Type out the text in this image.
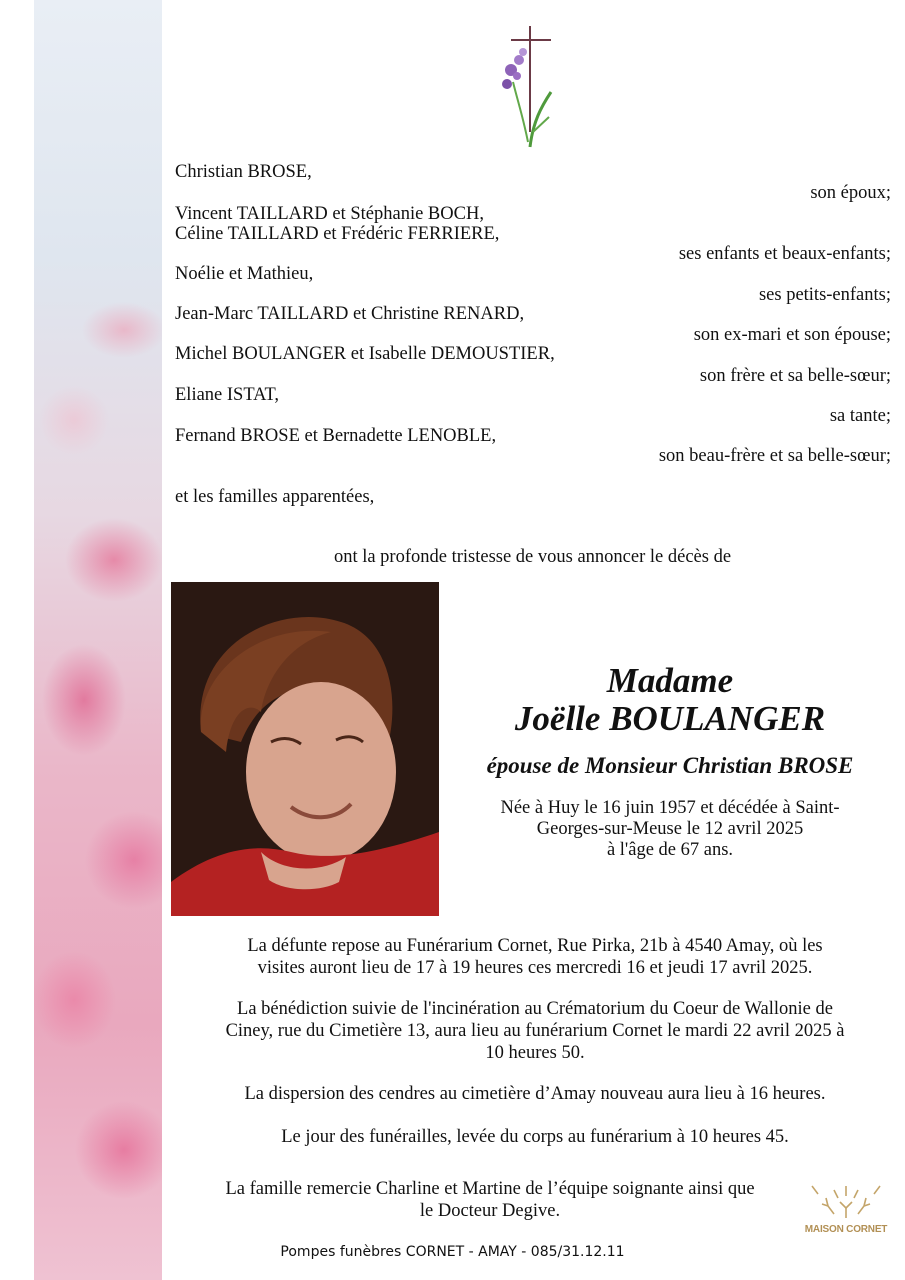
Christian BROSE,
son époux;
Vincent TAILLARD et Stéphanie BOCH,
Céline TAILLARD et Frédéric FERRIERE,
ses enfants et beaux-enfants;
Noélie et Mathieu,
ses petits-enfants;
Jean-Marc TAILLARD et Christine RENARD,
son ex-mari et son épouse;
Michel BOULANGER et Isabelle DEMOUSTIER,
son frère et sa belle-sœur;
Eliane ISTAT,
sa tante;
Fernand BROSE et Bernadette LENOBLE,
son beau-frère et sa belle-sœur;
et les familles apparentées,
ont la profonde tristesse de vous annoncer le décès de
Madame
Joëlle BOULANGER
épouse de Monsieur Christian BROSE
Née à Huy le 16 juin 1957 et décédée à Saint-
Georges-sur-Meuse le 12 avril 2025
à l'âge de 67 ans.
La défunte repose au Funérarium Cornet, Rue Pirka, 21b à 4540 Amay, où les
visites auront lieu de 17 à 19 heures ces mercredi 16 et jeudi 17 avril 2025.
La bénédiction suivie de l'incinération au Crématorium du Coeur de Wallonie de
Ciney, rue du Cimetière 13, aura lieu au funérarium Cornet le mardi 22 avril 2025 à
10 heures 50.
La dispersion des cendres au cimetière d’Amay nouveau aura lieu à 16 heures.
Le jour des funérailles, levée du corps au funérarium à 10 heures 45.
La famille remercie Charline et Martine de l’équipe soignante ainsi que
le Docteur Degive.
MAISON CORNET
Pompes funèbres CORNET - AMAY - 085/31.12.11
